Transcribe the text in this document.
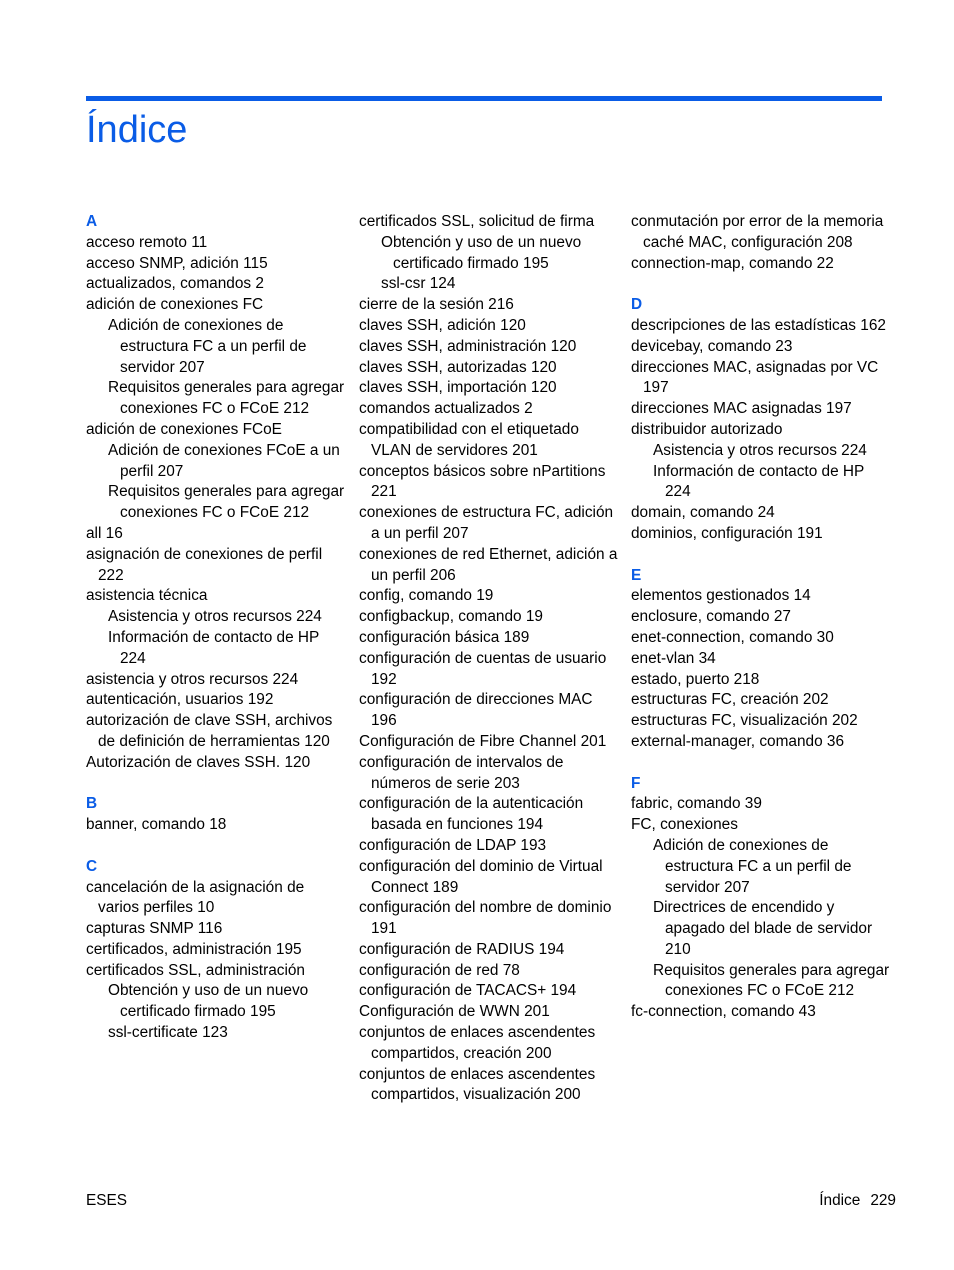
Índice
A
acceso remoto 11
acceso SNMP, adición 115
actualizados, comandos 2
adición de conexiones FC
Adición de conexiones de estructura FC a un perfil de servidor 207
Requisitos generales para agregar conexiones FC o FCoE 212
adición de conexiones FCoE
Adición de conexiones FCoE a un perfil 207
Requisitos generales para agregar conexiones FC o FCoE 212
all 16
asignación de conexiones de perfil 222
asistencia técnica
Asistencia y otros recursos 224
Información de contacto de HP 224
asistencia y otros recursos 224
autenticación, usuarios 192
autorización de clave SSH, archivos de definición de herramientas 120
Autorización de claves SSH. 120
B
banner, comando 18
C
cancelación de la asignación de varios perfiles 10
capturas SNMP 116
certificados, administración 195
certificados SSL, administración
Obtención y uso de un nuevo certificado firmado 195
ssl-certificate 123
certificados SSL, solicitud de firma
Obtención y uso de un nuevo certificado firmado 195
ssl-csr 124
cierre de la sesión 216
claves SSH, adición 120
claves SSH, administración 120
claves SSH, autorizadas 120
claves SSH, importación 120
comandos actualizados 2
compatibilidad con el etiquetado VLAN de servidores 201
conceptos básicos sobre nPartitions 221
conexiones de estructura FC, adición a un perfil 207
conexiones de red Ethernet, adición a un perfil 206
config, comando 19
configbackup, comando 19
configuración básica 189
configuración de cuentas de usuario 192
configuración de direcciones MAC 196
Configuración de Fibre Channel 201
configuración de intervalos de números de serie 203
configuración de la autenticación basada en funciones 194
configuración de LDAP 193
configuración del dominio de Virtual Connect 189
configuración del nombre de dominio 191
configuración de RADIUS 194
configuración de red 78
configuración de TACACS+ 194
Configuración de WWN 201
conjuntos de enlaces ascendentes compartidos, creación 200
conjuntos de enlaces ascendentes compartidos, visualización 200
conmutación por error de la memoria caché MAC, configuración 208
connection-map, comando 22
D
descripciones de las estadísticas 162
devicebay, comando 23
direcciones MAC, asignadas por VC 197
direcciones MAC asignadas 197
distribuidor autorizado
Asistencia y otros recursos 224
Información de contacto de HP 224
domain, comando 24
dominios, configuración 191
E
elementos gestionados 14
enclosure, comando 27
enet-connection, comando 30
enet-vlan 34
estado, puerto 218
estructuras FC, creación 202
estructuras FC, visualización 202
external-manager, comando 36
F
fabric, comando 39
FC, conexiones
Adición de conexiones de estructura FC a un perfil de servidor 207
Directrices de encendido y apagado del blade de servidor 210
Requisitos generales para agregar conexiones FC o FCoE 212
fc-connection, comando 43
ESES	Índice 229
